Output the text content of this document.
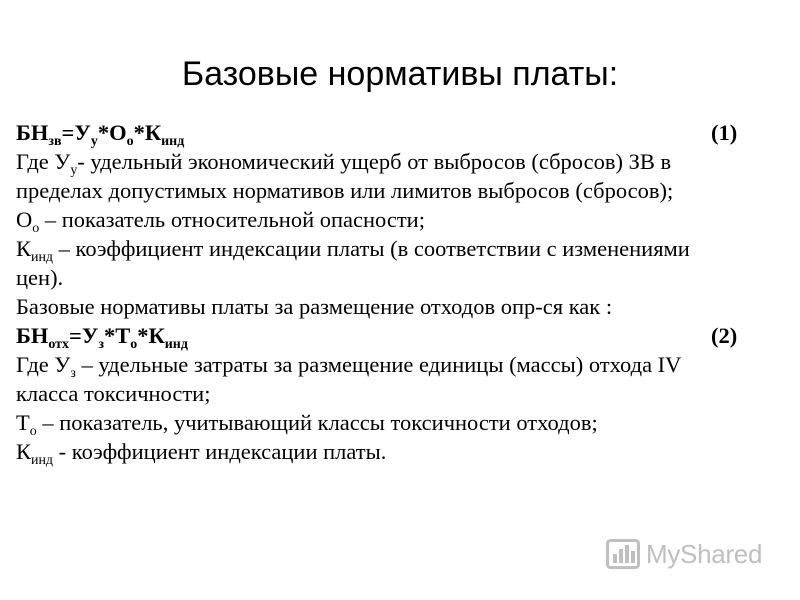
Базовые нормативы платы:
$БН_{зв}=У_у*О_о*К_{инд}$	(1)
Где $У_у-$ удельный экономический ущерб от выбросов (сбросов) ЗВ в
пределах допустимых нормативов или лимитов выбросов (сбросов);
$О_о$ – показатель относительной опасности;
$К_{инд}$ – коэффициент индексации платы (в соответствии с изменениями
цен).
Базовые нормативы платы за размещение отходов опр-ся как :
$БН_{отх}=У_з*Т_о*К_{инд}$	(2)
Где $У_з$ – удельные затраты за размещение единицы (массы) отхода IV
класса токсичности;
$Т_о$ – показатель, учитывающий классы токсичности отходов;
$К_{инд}$ - коэффициент индексации платы.
MyShared
